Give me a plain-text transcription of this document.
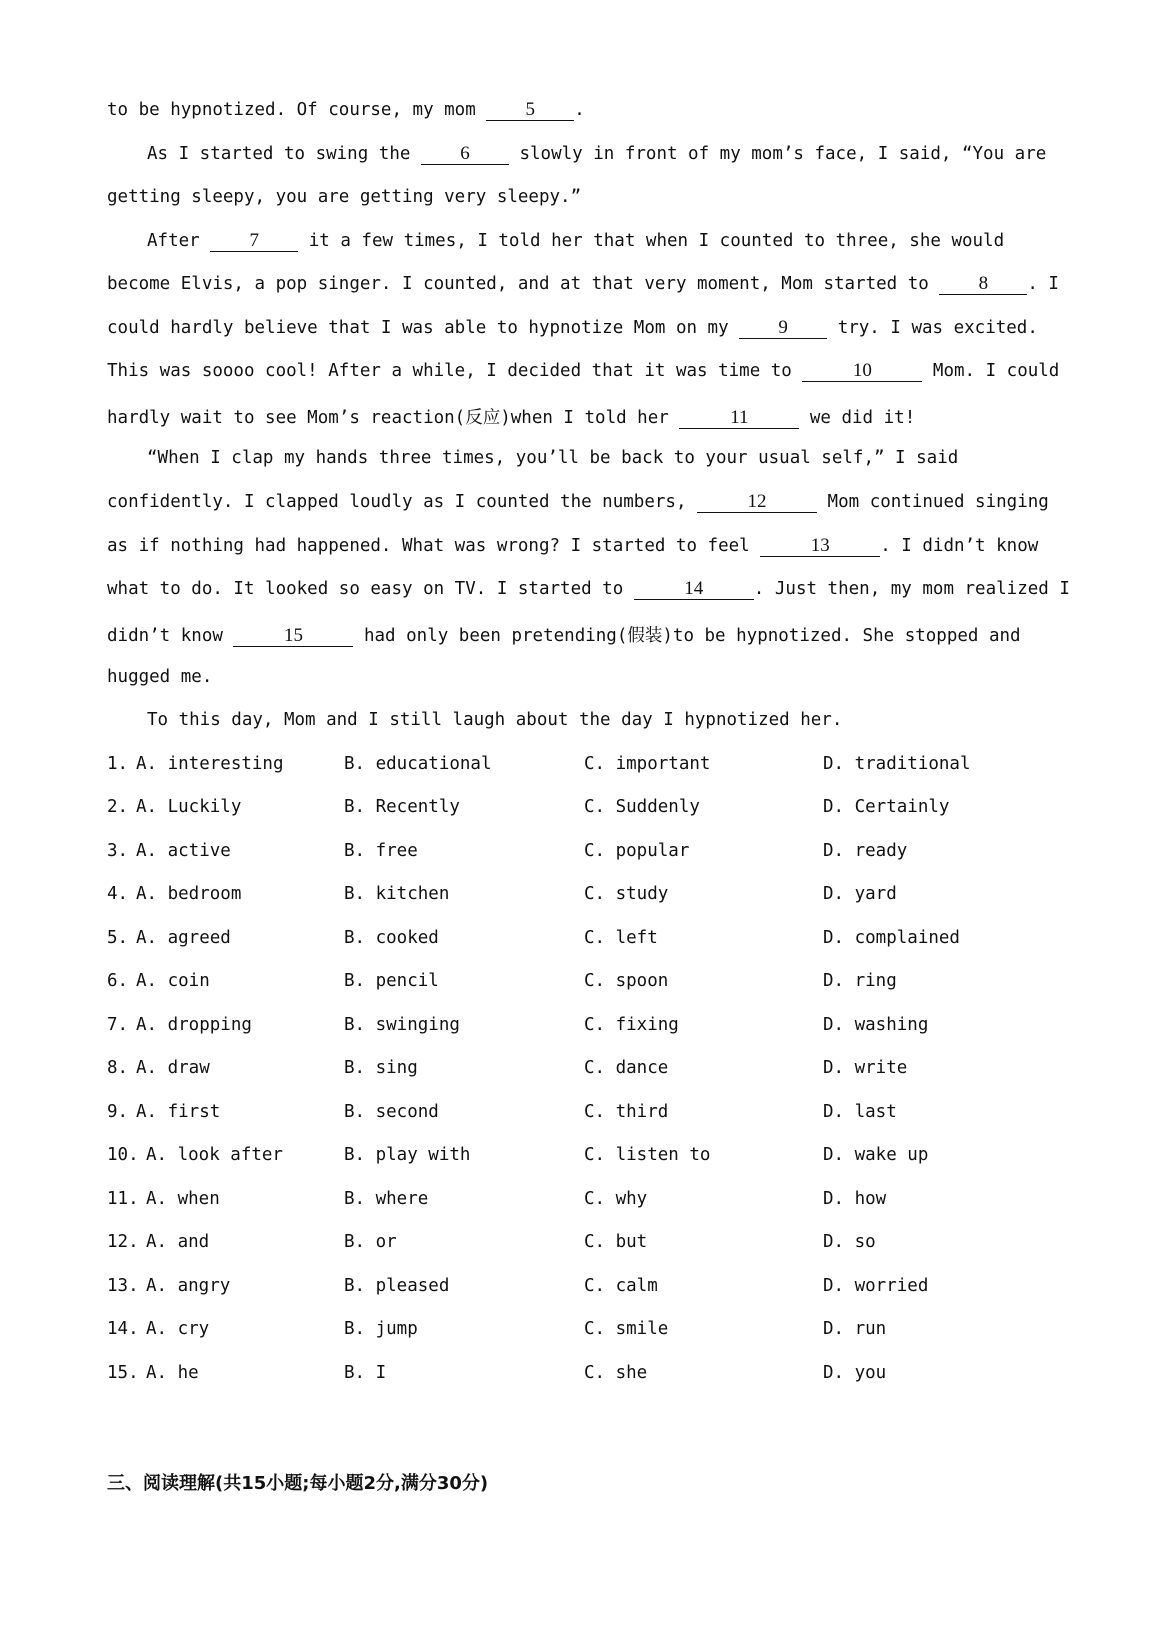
to be hypnotized. Of course, my mom 5 .
As I started to swing the 6 slowly in front of my mom’s face, I said, “You are
getting sleepy, you are getting very sleepy.”
After 7 it a few times, I told her that when I counted to three, she would
become Elvis, a pop singer. I counted, and at that very moment, Mom started to 8 . I
could hardly believe that I was able to hypnotize Mom on my 9 try. I was excited.
This was soooo cool! After a while, I decided that it was time to	10	Mom. I could
hardly wait to see Mom’s reaction(反应)when I told her	11	we did it!
“When I clap my hands three times, you’ll be back to your usual self,” I said
confidently. I clapped loudly as I counted the numbers,	12	Mom continued singing
as if nothing had happened. What was wrong? I started to feel	13	. I didn’t know
what to do. It looked so easy on TV. I started to	14	. Just then, my mom realized I
didn’t know	15	had only been pretending(假装)to be hypnotized. She stopped and
hugged me.
To this day, Mom and I still laugh about the day I hypnotized her.
1. A. interesting	B. educational	C. important	D. traditional
2. A. Luckily	B. Recently	C. Suddenly	D. Certainly
3. A. active	B. free	C. popular	D. ready
4. A. bedroom	B. kitchen	C. study	D. yard
5. A. agreed	B. cooked	C. left	D. complained
6. A. coin	B. pencil	C. spoon	D. ring
7. A. dropping	B. swinging	C. fixing	D. washing
8. A. draw	B. sing	C. dance	D. write
9. A. first	B. second	C. third	D. last
10. A. look after	B. play with	C. listen to	D. wake up
11. A. when	B. where	C. why	D. how
12. A. and	B. or	C. but	D. so
13. A. angry	B. pleased	C. calm	D. worried
14. A. cry	B. jump	C. smile	D. run
15. A. he	B. I	C. she	D. you
三、阅读理解(共15小题;每小题2分,满分30分)
